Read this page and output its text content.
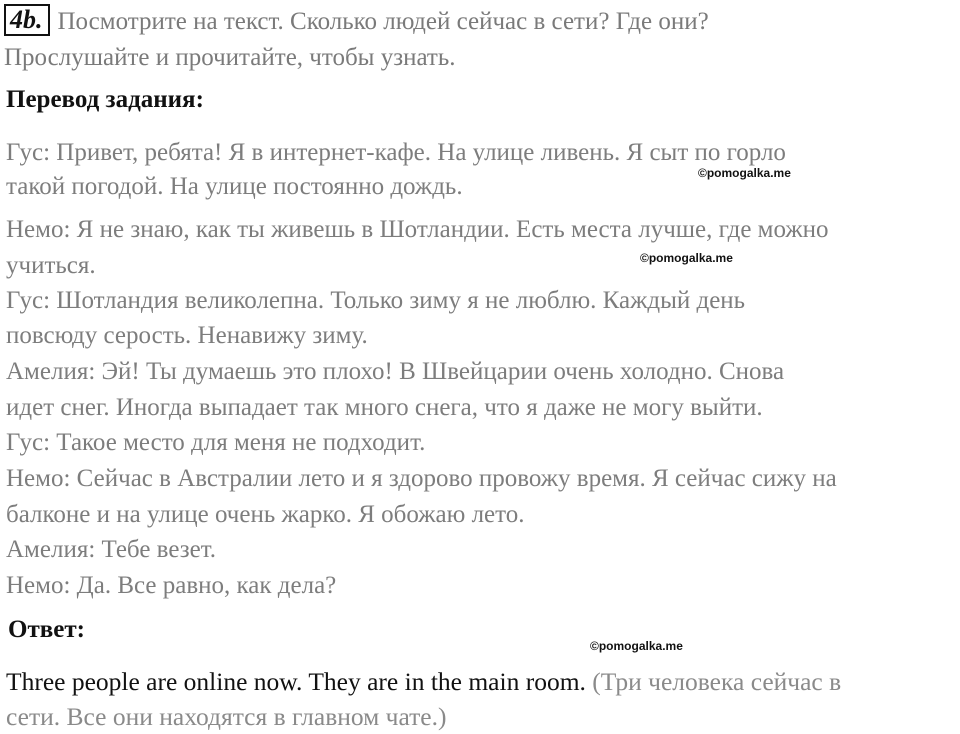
4b. Посмотрите на текст. Сколько людей сейчас в сети? Где они?
Прослушайте и прочитайте, чтобы узнать.
Перевод задания:
Гус: Привет, ребята! Я в интернет-кафе. На улице ливень. Я сыт по горло
такой погодой. На улице постоянно дождь.
Немо: Я не знаю, как ты живешь в Шотландии. Есть места лучше, где можно
учиться.
Гус: Шотландия великолепна. Только зиму я не люблю. Каждый день
повсюду серость. Ненавижу зиму.
Амелия: Эй! Ты думаешь это плохо! В Швейцарии очень холодно. Снова
идет снег. Иногда выпадает так много снега, что я даже не могу выйти.
Гус: Такое место для меня не подходит.
Немо: Сейчас в Австралии лето и я здорово провожу время. Я сейчас сижу на
балконе и на улице очень жарко. Я обожаю лето.
Амелия: Тебе везет.
Немо: Да. Все равно, как дела?
©pomogalka.me
©pomogalka.me
©pomogalka.me
Ответ:
Three people are online now. They are in the main room. (Три человека сейчас в
сети. Все они находятся в главном чате.)
